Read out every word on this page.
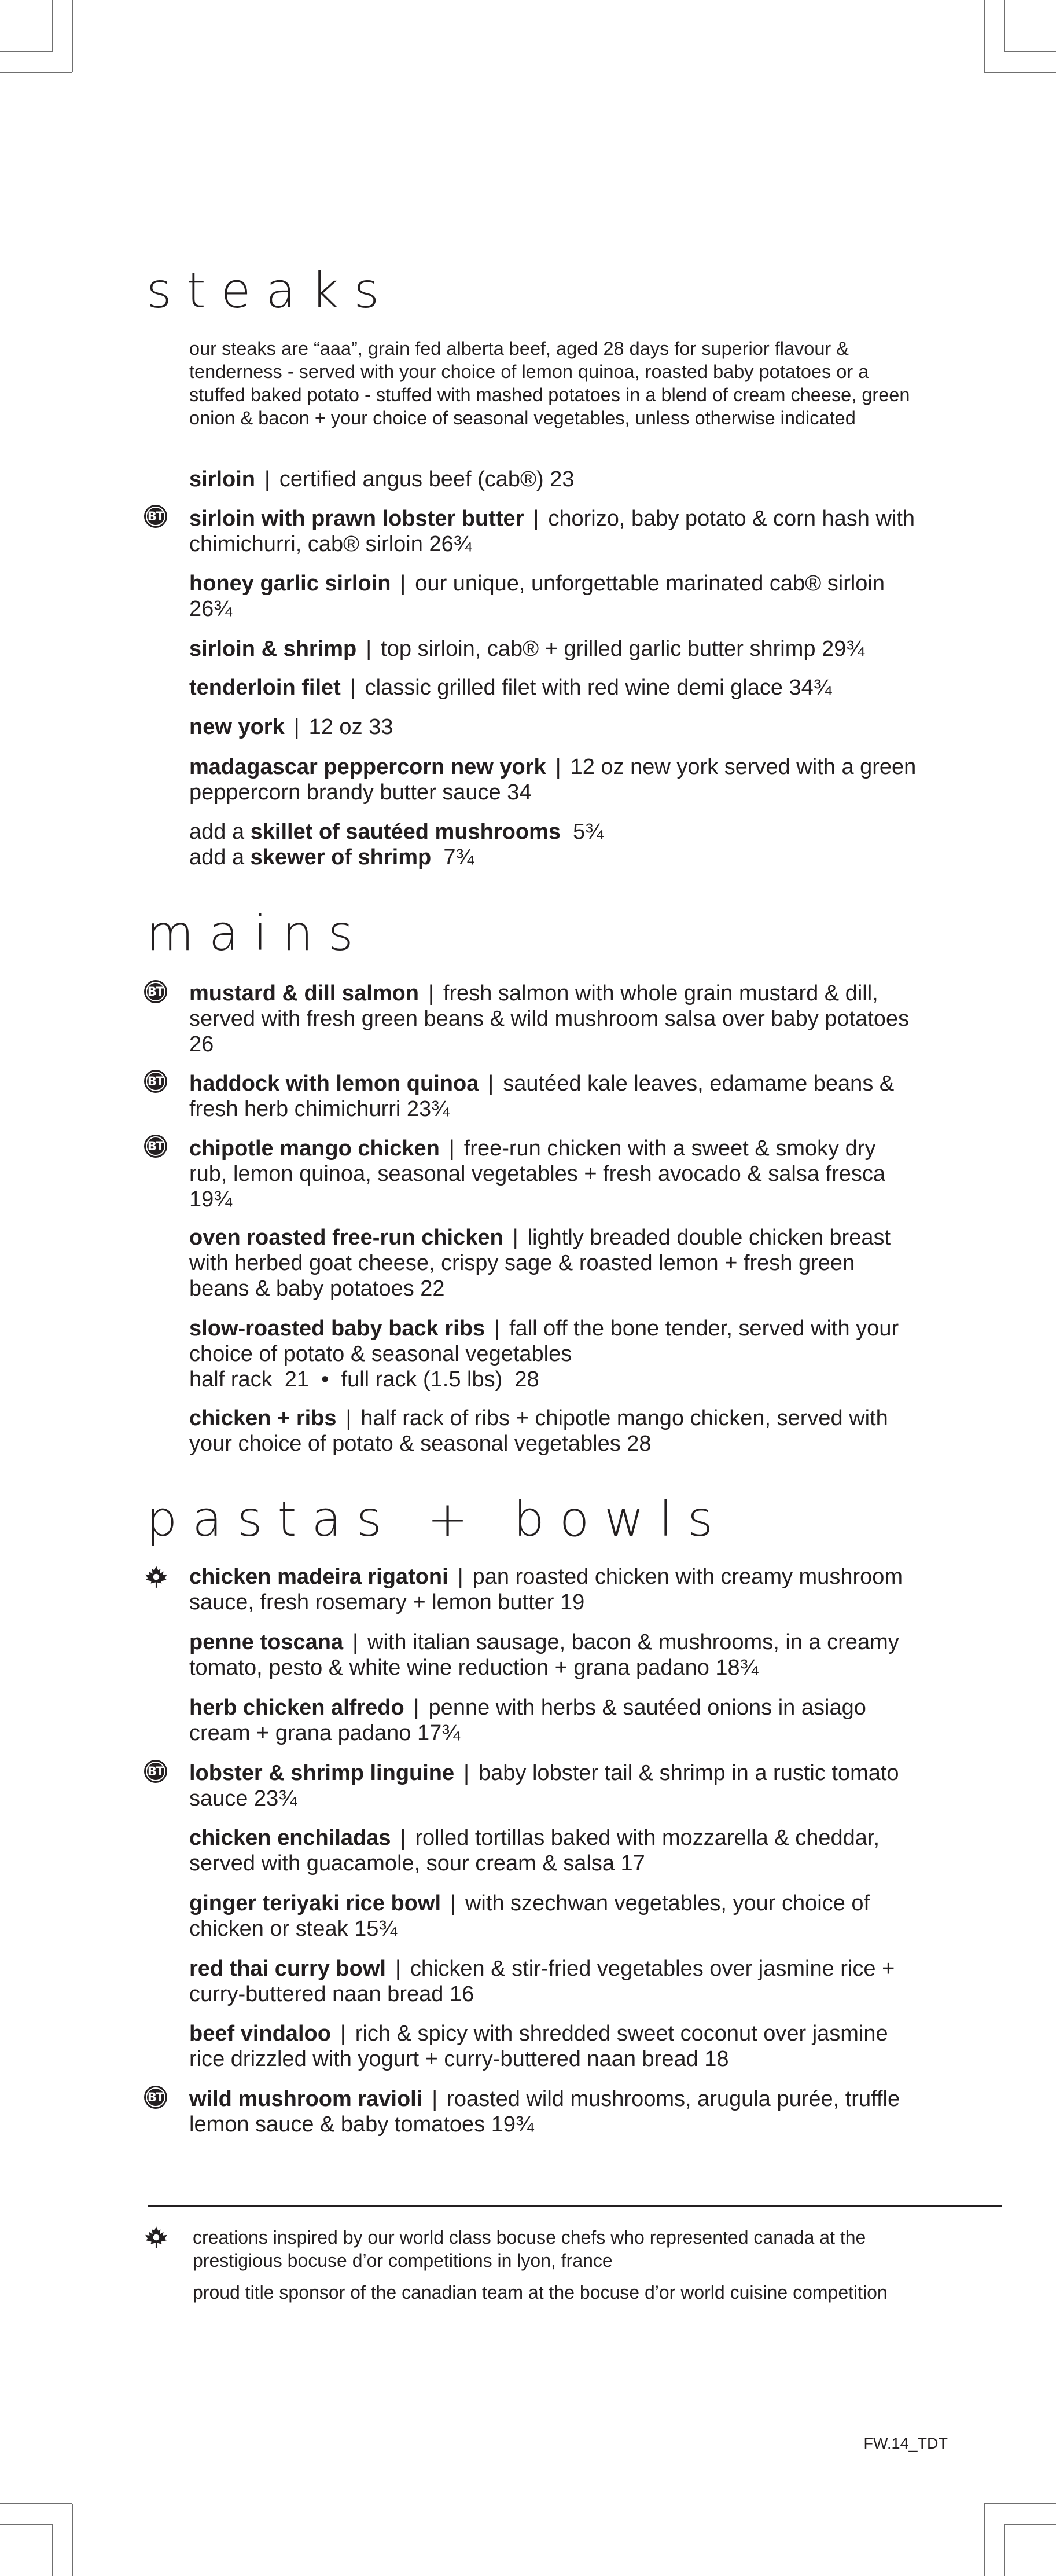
steaks
our steaks are “aaa”, grain fed alberta beef, aged 28 days for superior flavour & tenderness - served with your choice of lemon quinoa, roasted baby potatoes or a stuffed baked potato - stuffed with mashed potatoes in a blend of cream cheese, green onion & bacon + your choice of seasonal vegetables, unless otherwise indicated
sirloin | certified angus beef (cab®) 23
BT sirloin with prawn lobster butter | chorizo, baby potato & corn hash with chimichurri, cab® sirloin 26¾
honey garlic sirloin | our unique, unforgettable marinated cab® sirloin 26¾
sirloin & shrimp | top sirloin, cab® + grilled garlic butter shrimp 29¾
tenderloin filet | classic grilled filet with red wine demi glace 34¾
new york | 12 oz 33
madagascar peppercorn new york | 12 oz new york served with a green peppercorn brandy butter sauce 34
add a skillet of sautéed mushrooms  5¾
add a skewer of shrimp  7¾
mains
BT mustard & dill salmon | fresh salmon with whole grain mustard & dill, served with fresh green beans & wild mushroom salsa over baby potatoes 26
BT haddock with lemon quinoa | sautéed kale leaves, edamame beans & fresh herb chimichurri 23¾
BT chipotle mango chicken | free-run chicken with a sweet & smoky dry rub, lemon quinoa, seasonal vegetables + fresh avocado & salsa fresca 19¾
oven roasted free-run chicken | lightly breaded double chicken breast with herbed goat cheese, crispy sage & roasted lemon + fresh green beans & baby potatoes 22
slow-roasted baby back ribs | fall off the bone tender, served with your choice of potato & seasonal vegetables
half rack  21  •  full rack (1.5 lbs)  28
chicken + ribs | half rack of ribs + chipotle mango chicken, served with your choice of potato & seasonal vegetables 28
pastas + bowls
chicken madeira rigatoni | pan roasted chicken with creamy mushroom sauce, fresh rosemary + lemon butter 19
penne toscana | with italian sausage, bacon & mushrooms, in a creamy tomato, pesto & white wine reduction + grana padano 18¾
herb chicken alfredo | penne with herbs & sautéed onions in asiago cream + grana padano 17¾
BT lobster & shrimp linguine | baby lobster tail & shrimp in a rustic tomato sauce 23¾
chicken enchiladas | rolled tortillas baked with mozzarella & cheddar, served with guacamole, sour cream & salsa 17
ginger teriyaki rice bowl | with szechwan vegetables, your choice of chicken or steak 15¾
red thai curry bowl | chicken & stir-fried vegetables over jasmine rice + curry-buttered naan bread 16
beef vindaloo | rich & spicy with shredded sweet coconut over jasmine rice drizzled with yogurt + curry-buttered naan bread 18
BT wild mushroom ravioli | roasted wild mushrooms, arugula purée, truffle lemon sauce & baby tomatoes 19¾
creations inspired by our world class bocuse chefs who represented canada at the prestigious bocuse d’or competitions in lyon, france
proud title sponsor of the canadian team at the bocuse d’or world cuisine competition
FW.14_TDT
